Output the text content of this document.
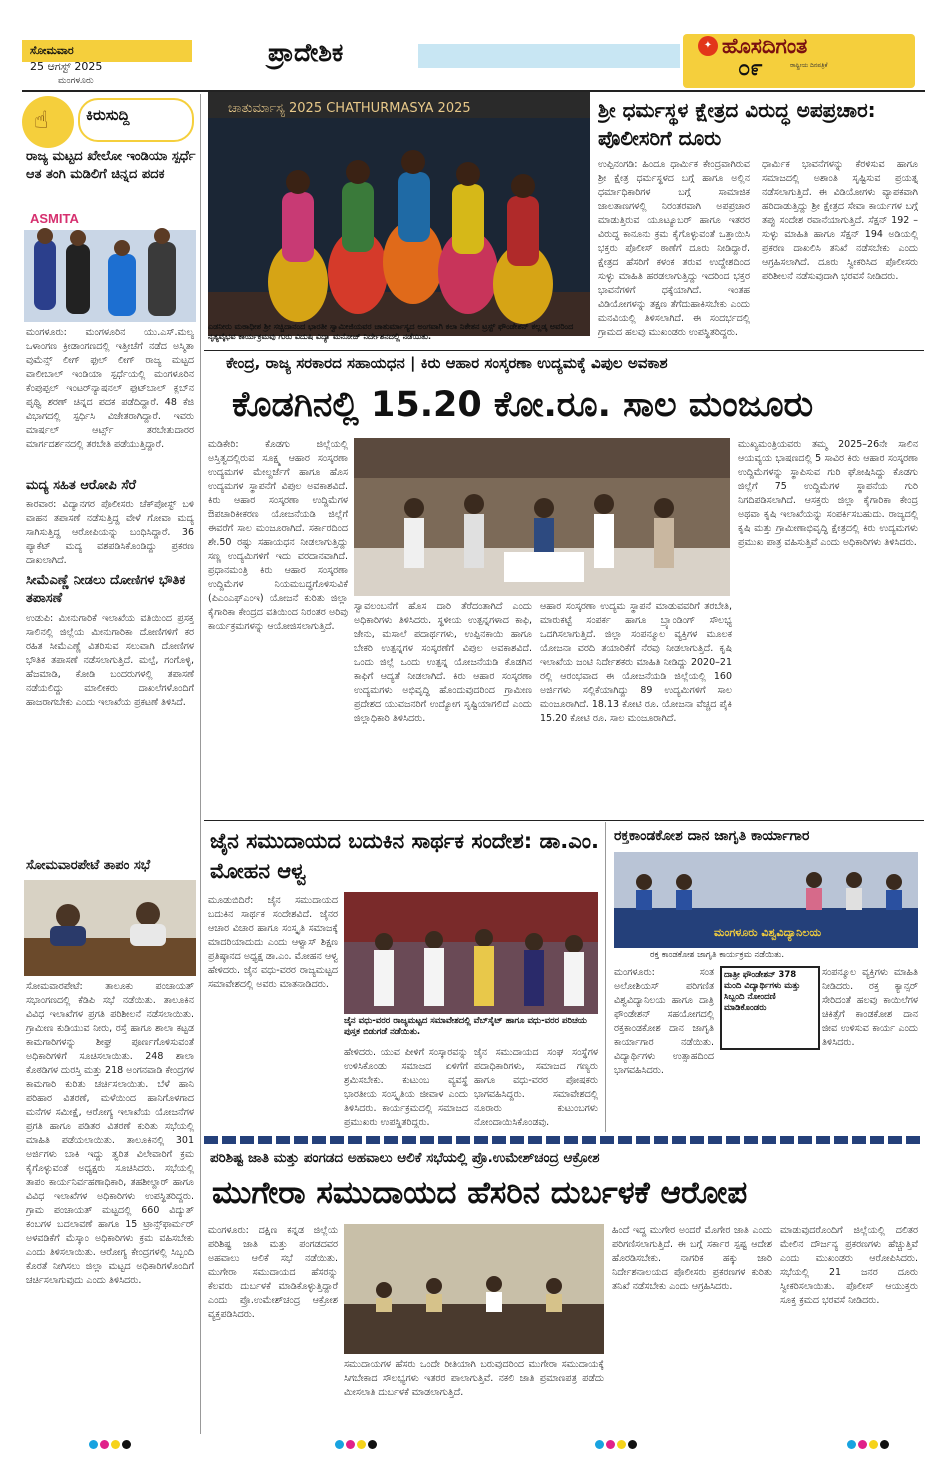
ಸೋಮವಾರ
25 ಆಗಸ್ಟ್ 2025
ಮಂಗಳೂರು
ಪ್ರಾದೇಶಿಕ	✦ ಹೊಸದಿಗಂತ
ರಾಷ್ಟ್ರೀಯ ದಿನಪತ್ರಿಕೆ
೦೯
☝ ಕಿರುಸುದ್ದಿ
ರಾಜ್ಯ ಮಟ್ಟದ ಖೇಲೋ ಇಂಡಿಯಾ ಸ್ಪರ್ಧೆ ಆತ ತಂಗಿ ಮಡಿಲಿಗೆ ಚಿನ್ನದ ಪದಕ
ASMITA
ಮಂಗಳೂರು: ಮಂಗಳೂರಿನ ಯು.ಎಸ್.ಮಲ್ಯ ಒಳಾಂಗಣ ಕ್ರೀಡಾಂಗಣದಲ್ಲಿ ಇತ್ತೀಚೆಗೆ ನಡೆದ ಅಸ್ಮಿತಾ ವುಮೆನ್ಸ್ ಲೀಗ್ ಫುಲ್ ಲೀಗ್ ರಾಜ್ಯ ಮಟ್ಟದ ವಾಲೀಬಾಲ್ ಇಂಡಿಯಾ ಸ್ಪರ್ಧೆಯಲ್ಲಿ ಮಂಗಳೂರಿನ ಕೆಂಪುಪ್ಪಲ್ ಇಂಟರ್‌ನ್ಯಾಷನಲ್ ಫುಟ್‌ಬಾಲ್ ಕ್ಲಬ್‌ನ ಪೃಥ್ವಿ ಶರಣ್ ಚಿನ್ನದ ಪದಕ ಪಡೆದಿದ್ದಾರೆ. 48 ಕೆಜಿ ವಿಭಾಗದಲ್ಲಿ ಸ್ಪರ್ಧಿಸಿ ವಿಜೇತರಾಗಿದ್ದಾರೆ. ಇವರು ಮಾರ್ಷಲ್ ಆರ್ಟ್ಸ್ ತರಬೇತುದಾರರ ಮಾರ್ಗದರ್ಶನದಲ್ಲಿ ತರಬೇತಿ ಪಡೆಯುತ್ತಿದ್ದಾರೆ.
ಮದ್ಯ ಸಹಿತ ಆರೋಪಿ ಸೆರೆ
ಕಾರವಾರ: ವಿದ್ಯಾನಗರ ಪೊಲೀಸರು ಚೆಕ್‌ಪೋಸ್ಟ್ ಬಳಿ ವಾಹನ ತಪಾಸಣೆ ನಡೆಸುತ್ತಿದ್ದ ವೇಳೆ ಗೋವಾ ಮದ್ಯ ಸಾಗಿಸುತ್ತಿದ್ದ ಆರೋಪಿಯನ್ನು ಬಂಧಿಸಿದ್ದಾರೆ. 36 ಪ್ಯಾಕೆಟ್ ಮದ್ಯ ವಶಪಡಿಸಿಕೊಂಡಿದ್ದು ಪ್ರಕರಣ ದಾಖಲಾಗಿದೆ.
ಸೀಮೆಎಣ್ಣೆ ನೀಡಲು ದೋಣಿಗಳ ಭೌತಿಕ ತಪಾಸಣೆ
ಉಡುಪಿ: ಮೀನುಗಾರಿಕೆ ಇಲಾಖೆಯ ವತಿಯಿಂದ ಪ್ರಸಕ್ತ ಸಾಲಿನಲ್ಲಿ ಜಿಲ್ಲೆಯ ಮೀನುಗಾರಿಕಾ ದೋಣಿಗಳಿಗೆ ಕರ ರಹಿತ ಸೀಮೆಎಣ್ಣೆ ವಿತರಿಸುವ ಸಲುವಾಗಿ ದೋಣಿಗಳ ಭೌತಿಕ ತಪಾಸಣೆ ನಡೆಸಲಾಗುತ್ತಿದೆ. ಮಲ್ಪೆ, ಗಂಗೊಳ್ಳಿ, ಹೆಜಮಾಡಿ, ಕೋಡಿ ಬಂದರುಗಳಲ್ಲಿ ತಪಾಸಣೆ ನಡೆಯಲಿದ್ದು ಮಾಲೀಕರು ದಾಖಲೆಗಳೊಂದಿಗೆ ಹಾಜರಾಗಬೇಕು ಎಂದು ಇಲಾಖೆಯ ಪ್ರಕಟಣೆ ತಿಳಿಸಿದೆ.
ಸೋಮವಾರಪೇಟೆ ತಾಪಂ ಸಭೆ
ಸೋಮವಾರಪೇಟೆ: ತಾಲೂಕು ಪಂಚಾಯತ್ ಸಭಾಂಗಣದಲ್ಲಿ ಕೆಡಿಪಿ ಸಭೆ ನಡೆಯಿತು. ತಾಲೂಕಿನ ವಿವಿಧ ಇಲಾಖೆಗಳ ಪ್ರಗತಿ ಪರಿಶೀಲನೆ ನಡೆಸಲಾಯಿತು. ಗ್ರಾಮೀಣ ಕುಡಿಯುವ ನೀರು, ರಸ್ತೆ ಹಾಗೂ ಶಾಲಾ ಕಟ್ಟಡ ಕಾಮಗಾರಿಗಳನ್ನು ಶೀಘ್ರ ಪೂರ್ಣಗೊಳಿಸುವಂತೆ ಅಧಿಕಾರಿಗಳಿಗೆ ಸೂಚಿಸಲಾಯಿತು. 248 ಶಾಲಾ ಕೊಠಡಿಗಳ ದುರಸ್ತಿ ಮತ್ತು 218 ಅಂಗನವಾಡಿ ಕೇಂದ್ರಗಳ ಕಾಮಗಾರಿ ಕುರಿತು ಚರ್ಚಿಸಲಾಯಿತು. ಬೆಳೆ ಹಾನಿ ಪರಿಹಾರ ವಿತರಣೆ, ಮಳೆಯಿಂದ ಹಾನಿಗೊಳಗಾದ ಮನೆಗಳ ಸಮೀಕ್ಷೆ, ಆರೋಗ್ಯ ಇಲಾಖೆಯ ಯೋಜನೆಗಳ ಪ್ರಗತಿ ಹಾಗೂ ಪಡಿತರ ವಿತರಣೆ ಕುರಿತು ಸಭೆಯಲ್ಲಿ ಮಾಹಿತಿ ಪಡೆಯಲಾಯಿತು. ತಾಲೂಕಿನಲ್ಲಿ 301 ಅರ್ಜಿಗಳು ಬಾಕಿ ಇದ್ದು ತ್ವರಿತ ವಿಲೇವಾರಿಗೆ ಕ್ರಮ ಕೈಗೊಳ್ಳುವಂತೆ ಅಧ್ಯಕ್ಷರು ಸೂಚಿಸಿದರು. ಸಭೆಯಲ್ಲಿ ತಾಪಂ ಕಾರ್ಯನಿರ್ವಹಣಾಧಿಕಾರಿ, ತಹಶೀಲ್ದಾರ್ ಹಾಗೂ ವಿವಿಧ ಇಲಾಖೆಗಳ ಅಧಿಕಾರಿಗಳು ಉಪಸ್ಥಿತರಿದ್ದರು. ಗ್ರಾಮ ಪಂಚಾಯತ್ ಮಟ್ಟದಲ್ಲಿ 660 ವಿದ್ಯುತ್ ಕಂಬಗಳ ಬದಲಾವಣೆ ಹಾಗೂ 15 ಟ್ರಾನ್ಸ್‌ಫಾರ್ಮರ್ ಅಳವಡಿಕೆಗೆ ಮೆಸ್ಕಾಂ ಅಧಿಕಾರಿಗಳು ಕ್ರಮ ವಹಿಸಬೇಕು ಎಂದು ತಿಳಿಸಲಾಯಿತು. ಆರೋಗ್ಯ ಕೇಂದ್ರಗಳಲ್ಲಿ ಸಿಬ್ಬಂದಿ ಕೊರತೆ ನೀಗಿಸಲು ಜಿಲ್ಲಾ ಮಟ್ಟದ ಅಧಿಕಾರಿಗಳೊಂದಿಗೆ ಚರ್ಚಿಸಲಾಗುವುದು ಎಂದು ತಿಳಿಸಿದರು.
ಚಾತುರ್ಮಾಸ್ಯ 2025 CHATHURMASYA 2025
ಎಡನೀರು ಮಠಾಧೀಶ ಶ್ರೀ ಸಚ್ಚಿದಾನಂದ ಭಾರತೀ ಸ್ವಾಮೀಜಿಯವರ ಚಾತುರ್ಮಾಸ್ಯದ ಅಂಗವಾಗಿ ಕಲಾ ನಿಕೇತನ ಟ್ರಸ್ಟ್ ಫೌಂಡೇಶನ್ ಕಲ್ಲಡ್ಕ ಅವರಿಂದ ನೃತ್ಯವೈಭವ ಕಾರ್ಯಕ್ರಮವು ಗುರು ವಿದುಷಿ ವಿದ್ಯಾ ಮನೋಜ್ ನಿರ್ದೇಶನದಲ್ಲಿ ನಡೆಯಿತು.
ಶ್ರೀ ಧರ್ಮಸ್ಥಳ ಕ್ಷೇತ್ರದ ವಿರುದ್ಧ ಅಪಪ್ರಚಾರ: ಪೊಲೀಸರಿಗೆ ದೂರು
ಉಪ್ಪಿನಂಗಡಿ: ಹಿಂದೂ ಧಾರ್ಮಿಕ ಕೇಂದ್ರವಾಗಿರುವ ಶ್ರೀ ಕ್ಷೇತ್ರ ಧರ್ಮಸ್ಥಳದ ಬಗ್ಗೆ ಹಾಗೂ ಅಲ್ಲಿನ ಧರ್ಮಾಧಿಕಾರಿಗಳ ಬಗ್ಗೆ ಸಾಮಾಜಿಕ ಜಾಲತಾಣಗಳಲ್ಲಿ ನಿರಂತರವಾಗಿ ಅಪಪ್ರಚಾರ ಮಾಡುತ್ತಿರುವ ಯೂಟ್ಯೂಬರ್ ಹಾಗೂ ಇತರರ ವಿರುದ್ಧ ಕಾನೂನು ಕ್ರಮ ಕೈಗೊಳ್ಳುವಂತೆ ಒತ್ತಾಯಿಸಿ ಭಕ್ತರು ಪೊಲೀಸ್ ಠಾಣೆಗೆ ದೂರು ನೀಡಿದ್ದಾರೆ. ಕ್ಷೇತ್ರದ ಹೆಸರಿಗೆ ಕಳಂಕ ತರುವ ಉದ್ದೇಶದಿಂದ ಸುಳ್ಳು ಮಾಹಿತಿ ಹರಡಲಾಗುತ್ತಿದ್ದು ಇದರಿಂದ ಭಕ್ತರ ಭಾವನೆಗಳಿಗೆ ಧಕ್ಕೆಯಾಗಿದೆ. ಇಂತಹ ವಿಡಿಯೋಗಳನ್ನು ತಕ್ಷಣ ತೆಗೆದುಹಾಕಿಸಬೇಕು ಎಂದು ಮನವಿಯಲ್ಲಿ ತಿಳಿಸಲಾಗಿದೆ. ಈ ಸಂದರ್ಭದಲ್ಲಿ ಗ್ರಾಮದ ಹಲವು ಮುಖಂಡರು ಉಪಸ್ಥಿತರಿದ್ದರು.
ಧಾರ್ಮಿಕ ಭಾವನೆಗಳನ್ನು ಕೆರಳಿಸುವ ಹಾಗೂ ಸಮಾಜದಲ್ಲಿ ಅಶಾಂತಿ ಸೃಷ್ಟಿಸುವ ಪ್ರಯತ್ನ ನಡೆಸಲಾಗುತ್ತಿದೆ. ಈ ವಿಡಿಯೋಗಳು ವ್ಯಾಪಕವಾಗಿ ಹರಿದಾಡುತ್ತಿದ್ದು ಶ್ರೀ ಕ್ಷೇತ್ರದ ಸೇವಾ ಕಾರ್ಯಗಳ ಬಗ್ಗೆ ತಪ್ಪು ಸಂದೇಶ ರವಾನೆಯಾಗುತ್ತಿದೆ. ಸೆಕ್ಷನ್ 192 – ಸುಳ್ಳು ಮಾಹಿತಿ ಹಾಗೂ ಸೆಕ್ಷನ್ 194 ಅಡಿಯಲ್ಲಿ ಪ್ರಕರಣ ದಾಖಲಿಸಿ ತನಿಖೆ ನಡೆಸಬೇಕು ಎಂದು ಆಗ್ರಹಿಸಲಾಗಿದೆ. ದೂರು ಸ್ವೀಕರಿಸಿದ ಪೊಲೀಸರು ಪರಿಶೀಲನೆ ನಡೆಸುವುದಾಗಿ ಭರವಸೆ ನೀಡಿದರು.
ಕೇಂದ್ರ, ರಾಜ್ಯ ಸರಕಾರದ ಸಹಾಯಧನ | ಕಿರು ಆಹಾರ ಸಂಸ್ಕರಣಾ ಉದ್ಯಮಕ್ಕೆ ವಿಪುಲ ಅವಕಾಶ
ಕೊಡಗಿನಲ್ಲಿ 15.20 ಕೋ.ರೂ. ಸಾಲ ಮಂಜೂರು
ಮಡಿಕೇರಿ: ಕೊಡಗು ಜಿಲ್ಲೆಯಲ್ಲಿ ಅಸ್ತಿತ್ವದಲ್ಲಿರುವ ಸೂಕ್ಷ್ಮ ಆಹಾರ ಸಂಸ್ಕರಣಾ ಉದ್ಯಮಗಳ ಮೇಲ್ದರ್ಜೆಗೆ ಹಾಗೂ ಹೊಸ ಉದ್ಯಮಗಳ ಸ್ಥಾಪನೆಗೆ ವಿಪುಲ ಅವಕಾಶವಿದೆ. ಕಿರು ಆಹಾರ ಸಂಸ್ಕರಣಾ ಉದ್ದಿಮೆಗಳ ಔಪಚಾರಿಕೀಕರಣ ಯೋಜನೆಯಡಿ ಜಿಲ್ಲೆಗೆ ಈವರೆಗೆ ಸಾಲ ಮಂಜೂರಾಗಿದೆ. ಸರ್ಕಾರದಿಂದ ಶೇ.50 ರಷ್ಟು ಸಹಾಯಧನ ನೀಡಲಾಗುತ್ತಿದ್ದು ಸಣ್ಣ ಉದ್ಯಮಿಗಳಿಗೆ ಇದು ವರದಾನವಾಗಿದೆ. ಪ್ರಧಾನಮಂತ್ರಿ ಕಿರು ಆಹಾರ ಸಂಸ್ಕರಣಾ ಉದ್ದಿಮೆಗಳ ನಿಯಮಬದ್ಧಗೊಳಿಸುವಿಕೆ (ಪಿಎಂಎಫ್‌ಎಂಇ) ಯೋಜನೆ ಕುರಿತು ಜಿಲ್ಲಾ ಕೈಗಾರಿಕಾ ಕೇಂದ್ರದ ವತಿಯಿಂದ ನಿರಂತರ ಅರಿವು ಕಾರ್ಯಕ್ರಮಗಳನ್ನು ಆಯೋಜಿಸಲಾಗುತ್ತಿದೆ.
ಸ್ವಾವಲಂಬನೆಗೆ ಹೊಸ ದಾರಿ ತೆರೆದಂತಾಗಿದೆ ಎಂದು ಅಧಿಕಾರಿಗಳು ತಿಳಿಸಿದರು. ಸ್ಥಳೀಯ ಉತ್ಪನ್ನಗಳಾದ ಕಾಫಿ, ಜೇನು, ಮಸಾಲೆ ಪದಾರ್ಥಗಳು, ಉಪ್ಪಿನಕಾಯಿ ಹಾಗೂ ಬೇಕರಿ ಉತ್ಪನ್ನಗಳ ಸಂಸ್ಕರಣೆಗೆ ವಿಪುಲ ಅವಕಾಶವಿದೆ. ಒಂದು ಜಿಲ್ಲೆ ಒಂದು ಉತ್ಪನ್ನ ಯೋಜನೆಯಡಿ ಕೊಡಗಿನ ಕಾಫಿಗೆ ಆದ್ಯತೆ ನೀಡಲಾಗಿದೆ. ಕಿರು ಆಹಾರ ಸಂಸ್ಕರಣಾ ಉದ್ಯಮಗಳು ಅಭಿವೃದ್ಧಿ ಹೊಂದುವುದರಿಂದ ಗ್ರಾಮೀಣ ಪ್ರದೇಶದ ಯುವಜನರಿಗೆ ಉದ್ಯೋಗ ಸೃಷ್ಟಿಯಾಗಲಿದೆ ಎಂದು ಜಿಲ್ಲಾಧಿಕಾರಿ ತಿಳಿಸಿದರು.
ಆಹಾರ ಸಂಸ್ಕರಣಾ ಉದ್ಯಮ ಸ್ಥಾಪನೆ ಮಾಡುವವರಿಗೆ ತರಬೇತಿ, ಮಾರುಕಟ್ಟೆ ಸಂಪರ್ಕ ಹಾಗೂ ಬ್ರ್ಯಾಂಡಿಂಗ್ ಸೌಲಭ್ಯ ಒದಗಿಸಲಾಗುತ್ತಿದೆ. ಜಿಲ್ಲಾ ಸಂಪನ್ಮೂಲ ವ್ಯಕ್ತಿಗಳ ಮೂಲಕ ಯೋಜನಾ ವರದಿ ತಯಾರಿಕೆಗೆ ನೆರವು ನೀಡಲಾಗುತ್ತಿದೆ. ಕೃಷಿ ಇಲಾಖೆಯ ಜಂಟಿ ನಿರ್ದೇಶಕರು ಮಾಹಿತಿ ನೀಡಿದ್ದು 2020–21 ರಲ್ಲಿ ಆರಂಭವಾದ ಈ ಯೋಜನೆಯಡಿ ಜಿಲ್ಲೆಯಲ್ಲಿ 160 ಅರ್ಜಿಗಳು ಸಲ್ಲಿಕೆಯಾಗಿದ್ದು 89 ಉದ್ಯಮಿಗಳಿಗೆ ಸಾಲ ಮಂಜೂರಾಗಿದೆ. 18.13 ಕೋಟಿ ರೂ. ಯೋಜನಾ ವೆಚ್ಚದ ಪೈಕಿ 15.20 ಕೋಟಿ ರೂ. ಸಾಲ ಮಂಜೂರಾಗಿದೆ.
ಮುಖ್ಯಮಂತ್ರಿಯವರು ತಮ್ಮ 2025–26ನೇ ಸಾಲಿನ ಆಯವ್ಯಯ ಭಾಷಣದಲ್ಲಿ 5 ಸಾವಿರ ಕಿರು ಆಹಾರ ಸಂಸ್ಕರಣಾ ಉದ್ದಿಮೆಗಳನ್ನು ಸ್ಥಾಪಿಸುವ ಗುರಿ ಘೋಷಿಸಿದ್ದು ಕೊಡಗು ಜಿಲ್ಲೆಗೆ 75 ಉದ್ದಿಮೆಗಳ ಸ್ಥಾಪನೆಯ ಗುರಿ ನಿಗದಿಪಡಿಸಲಾಗಿದೆ. ಆಸಕ್ತರು ಜಿಲ್ಲಾ ಕೈಗಾರಿಕಾ ಕೇಂದ್ರ ಅಥವಾ ಕೃಷಿ ಇಲಾಖೆಯನ್ನು ಸಂಪರ್ಕಿಸಬಹುದು. ರಾಜ್ಯದಲ್ಲಿ ಕೃಷಿ ಮತ್ತು ಗ್ರಾಮೀಣಾಭಿವೃದ್ಧಿ ಕ್ಷೇತ್ರದಲ್ಲಿ ಕಿರು ಉದ್ಯಮಗಳು ಪ್ರಮುಖ ಪಾತ್ರ ವಹಿಸುತ್ತಿವೆ ಎಂದು ಅಧಿಕಾರಿಗಳು ತಿಳಿಸಿದರು.
ಜೈನ ಸಮುದಾಯದ ಬದುಕಿನ ಸಾರ್ಥಕ ಸಂದೇಶ: ಡಾ.ಎಂ. ಮೋಹನ ಆಳ್ವ
ಮೂಡುಬಿದಿರೆ: ಜೈನ ಸಮುದಾಯದ ಬದುಕಿನ ಸಾರ್ಥಕ ಸಂದೇಶವಿದೆ. ಜೈನರ ಆಚಾರ ವಿಚಾರ ಹಾಗೂ ಸಂಸ್ಕೃತಿ ಸಮಾಜಕ್ಕೆ ಮಾದರಿಯಾದುದು ಎಂದು ಆಳ್ವಾಸ್ ಶಿಕ್ಷಣ ಪ್ರತಿಷ್ಠಾನದ ಅಧ್ಯಕ್ಷ ಡಾ.ಎಂ. ಮೋಹನ ಆಳ್ವ ಹೇಳಿದರು. ಜೈನ ವಧು-ವರರ ರಾಜ್ಯಮಟ್ಟದ ಸಮಾವೇಶದಲ್ಲಿ ಅವರು ಮಾತನಾಡಿದರು.
ಜೈನ ವಧು-ವರರ ರಾಜ್ಯಮಟ್ಟದ ಸಮಾವೇಶದಲ್ಲಿ ವೆಬ್‌ಸೈಟ್ ಹಾಗೂ ವಧು-ವರರ ಪರಿಚಯ ಪುಸ್ತಕ ಬಿಡುಗಡೆ ನಡೆಯಿತು.
ಹೇಳಿದರು. ಯುವ ಪೀಳಿಗೆ ಸಂಸ್ಕಾರವನ್ನು ಉಳಿಸಿಕೊಂಡು ಸಮಾಜದ ಏಳಿಗೆಗೆ ಶ್ರಮಿಸಬೇಕು. ಕುಟುಂಬ ವ್ಯವಸ್ಥೆ ಭಾರತೀಯ ಸಂಸ್ಕೃತಿಯ ಜೀವಾಳ ಎಂದು ತಿಳಿಸಿದರು. ಕಾರ್ಯಕ್ರಮದಲ್ಲಿ ಸಮಾಜದ ಪ್ರಮುಖರು ಉಪಸ್ಥಿತರಿದ್ದರು.
ಜೈನ ಸಮುದಾಯದ ಸಂಘ ಸಂಸ್ಥೆಗಳ ಪದಾಧಿಕಾರಿಗಳು, ಸಮಾಜದ ಗಣ್ಯರು ಹಾಗೂ ವಧು-ವರರ ಪೋಷಕರು ಭಾಗವಹಿಸಿದ್ದರು. ಸಮಾವೇಶದಲ್ಲಿ ನೂರಾರು ಕುಟುಂಬಗಳು ನೋಂದಾಯಿಸಿಕೊಂಡವು.
ರಕ್ತಕಾಂಡಕೋಶ ದಾನ ಜಾಗೃತಿ ಕಾರ್ಯಾಗಾರ
ಮಂಗಳೂರು ವಿಶ್ವವಿದ್ಯಾನಿಲಯ
ರಕ್ತ ಕಾಂಡಕೋಶ ಜಾಗೃತಿ ಕಾರ್ಯಕ್ರಮ ನಡೆಯಿತು.
ಮಂಗಳೂರು: ಸಂತ ಅಲೋಶಿಯಸ್ ಪರಿಗಣಿತ ವಿಶ್ವವಿದ್ಯಾನಿಲಯ ಹಾಗೂ ದಾತ್ರಿ ಫೌಂಡೇಶನ್ ಸಹಯೋಗದಲ್ಲಿ ರಕ್ತಕಾಂಡಕೋಶ ದಾನ ಜಾಗೃತಿ ಕಾರ್ಯಾಗಾರ ನಡೆಯಿತು. ವಿದ್ಯಾರ್ಥಿಗಳು ಉತ್ಸಾಹದಿಂದ ಭಾಗವಹಿಸಿದರು.
ದಾತ್ರೀ ಫೌಂಡೇಶನ್ 378 ಮಂದಿ ವಿದ್ಯಾರ್ಥಿಗಳು ಮತ್ತು ಸಿಬ್ಬಂದಿ ನೋಂದಣಿ ಮಾಡಿಕೊಂಡರು
ಸಂಪನ್ಮೂಲ ವ್ಯಕ್ತಿಗಳು ಮಾಹಿತಿ ನೀಡಿದರು. ರಕ್ತ ಕ್ಯಾನ್ಸರ್ ಸೇರಿದಂತೆ ಹಲವು ಕಾಯಿಲೆಗಳ ಚಿಕಿತ್ಸೆಗೆ ಕಾಂಡಕೋಶ ದಾನ ಜೀವ ಉಳಿಸುವ ಕಾರ್ಯ ಎಂದು ತಿಳಿಸಿದರು.
ಪರಿಶಿಷ್ಟ ಜಾತಿ ಮತ್ತು ಪಂಗಡದ ಅಹವಾಲು ಆಲಿಕೆ ಸಭೆಯಲ್ಲಿ ಪ್ರೊ.ಉಮೇಶ್‌ಚಂದ್ರ ಆಕ್ರೋಶ
ಮುಗೇರಾ ಸಮುದಾಯದ ಹೆಸರಿನ ದುರ್ಬಳಕೆ ಆರೋಪ
ಮಂಗಳೂರು: ದಕ್ಷಿಣ ಕನ್ನಡ ಜಿಲ್ಲೆಯ ಪರಿಶಿಷ್ಟ ಜಾತಿ ಮತ್ತು ಪಂಗಡದವರ ಅಹವಾಲು ಆಲಿಕೆ ಸಭೆ ನಡೆಯಿತು. ಮುಗೇರಾ ಸಮುದಾಯದ ಹೆಸರನ್ನು ಕೆಲವರು ದುರ್ಬಳಕೆ ಮಾಡಿಕೊಳ್ಳುತ್ತಿದ್ದಾರೆ ಎಂದು ಪ್ರೊ.ಉಮೇಶ್‌ಚಂದ್ರ ಆಕ್ರೋಶ ವ್ಯಕ್ತಪಡಿಸಿದರು.
ಸಮುದಾಯಗಳ ಹೆಸರು ಒಂದೇ ರೀತಿಯಾಗಿ ಬರುವುದರಿಂದ ಮುಗೇರಾ ಸಮುದಾಯಕ್ಕೆ ಸಿಗಬೇಕಾದ ಸೌಲಭ್ಯಗಳು ಇತರರ ಪಾಲಾಗುತ್ತಿವೆ. ನಕಲಿ ಜಾತಿ ಪ್ರಮಾಣಪತ್ರ ಪಡೆದು ಮೀಸಲಾತಿ ದುರ್ಬಳಕೆ ಮಾಡಲಾಗುತ್ತಿದೆ.
ಹಿಂದೆ ಇದ್ದ ಮುಗೇರ ಅಂದರೆ ಮೊಗೇರ ಜಾತಿ ಎಂದು ಪರಿಗಣಿಸಲಾಗುತ್ತಿದೆ. ಈ ಬಗ್ಗೆ ಸರ್ಕಾರ ಸ್ಪಷ್ಟ ಆದೇಶ ಹೊರಡಿಸಬೇಕು. ನಾಗರಿಕ ಹಕ್ಕು ಜಾರಿ ನಿರ್ದೇಶನಾಲಯದ ಪೊಲೀಸರು ಪ್ರಕರಣಗಳ ಕುರಿತು ತನಿಖೆ ನಡೆಸಬೇಕು ಎಂದು ಆಗ್ರಹಿಸಿದರು.
ಮಾಡುವುದರೊಂದಿಗೆ ಜಿಲ್ಲೆಯಲ್ಲಿ ದಲಿತರ ಮೇಲಿನ ದೌರ್ಜನ್ಯ ಪ್ರಕರಣಗಳು ಹೆಚ್ಚುತ್ತಿವೆ ಎಂದು ಮುಖಂಡರು ಆರೋಪಿಸಿದರು. ಸಭೆಯಲ್ಲಿ 21 ಜನರ ದೂರು ಸ್ವೀಕರಿಸಲಾಯಿತು. ಪೊಲೀಸ್ ಆಯುಕ್ತರು ಸೂಕ್ತ ಕ್ರಮದ ಭರವಸೆ ನೀಡಿದರು.
